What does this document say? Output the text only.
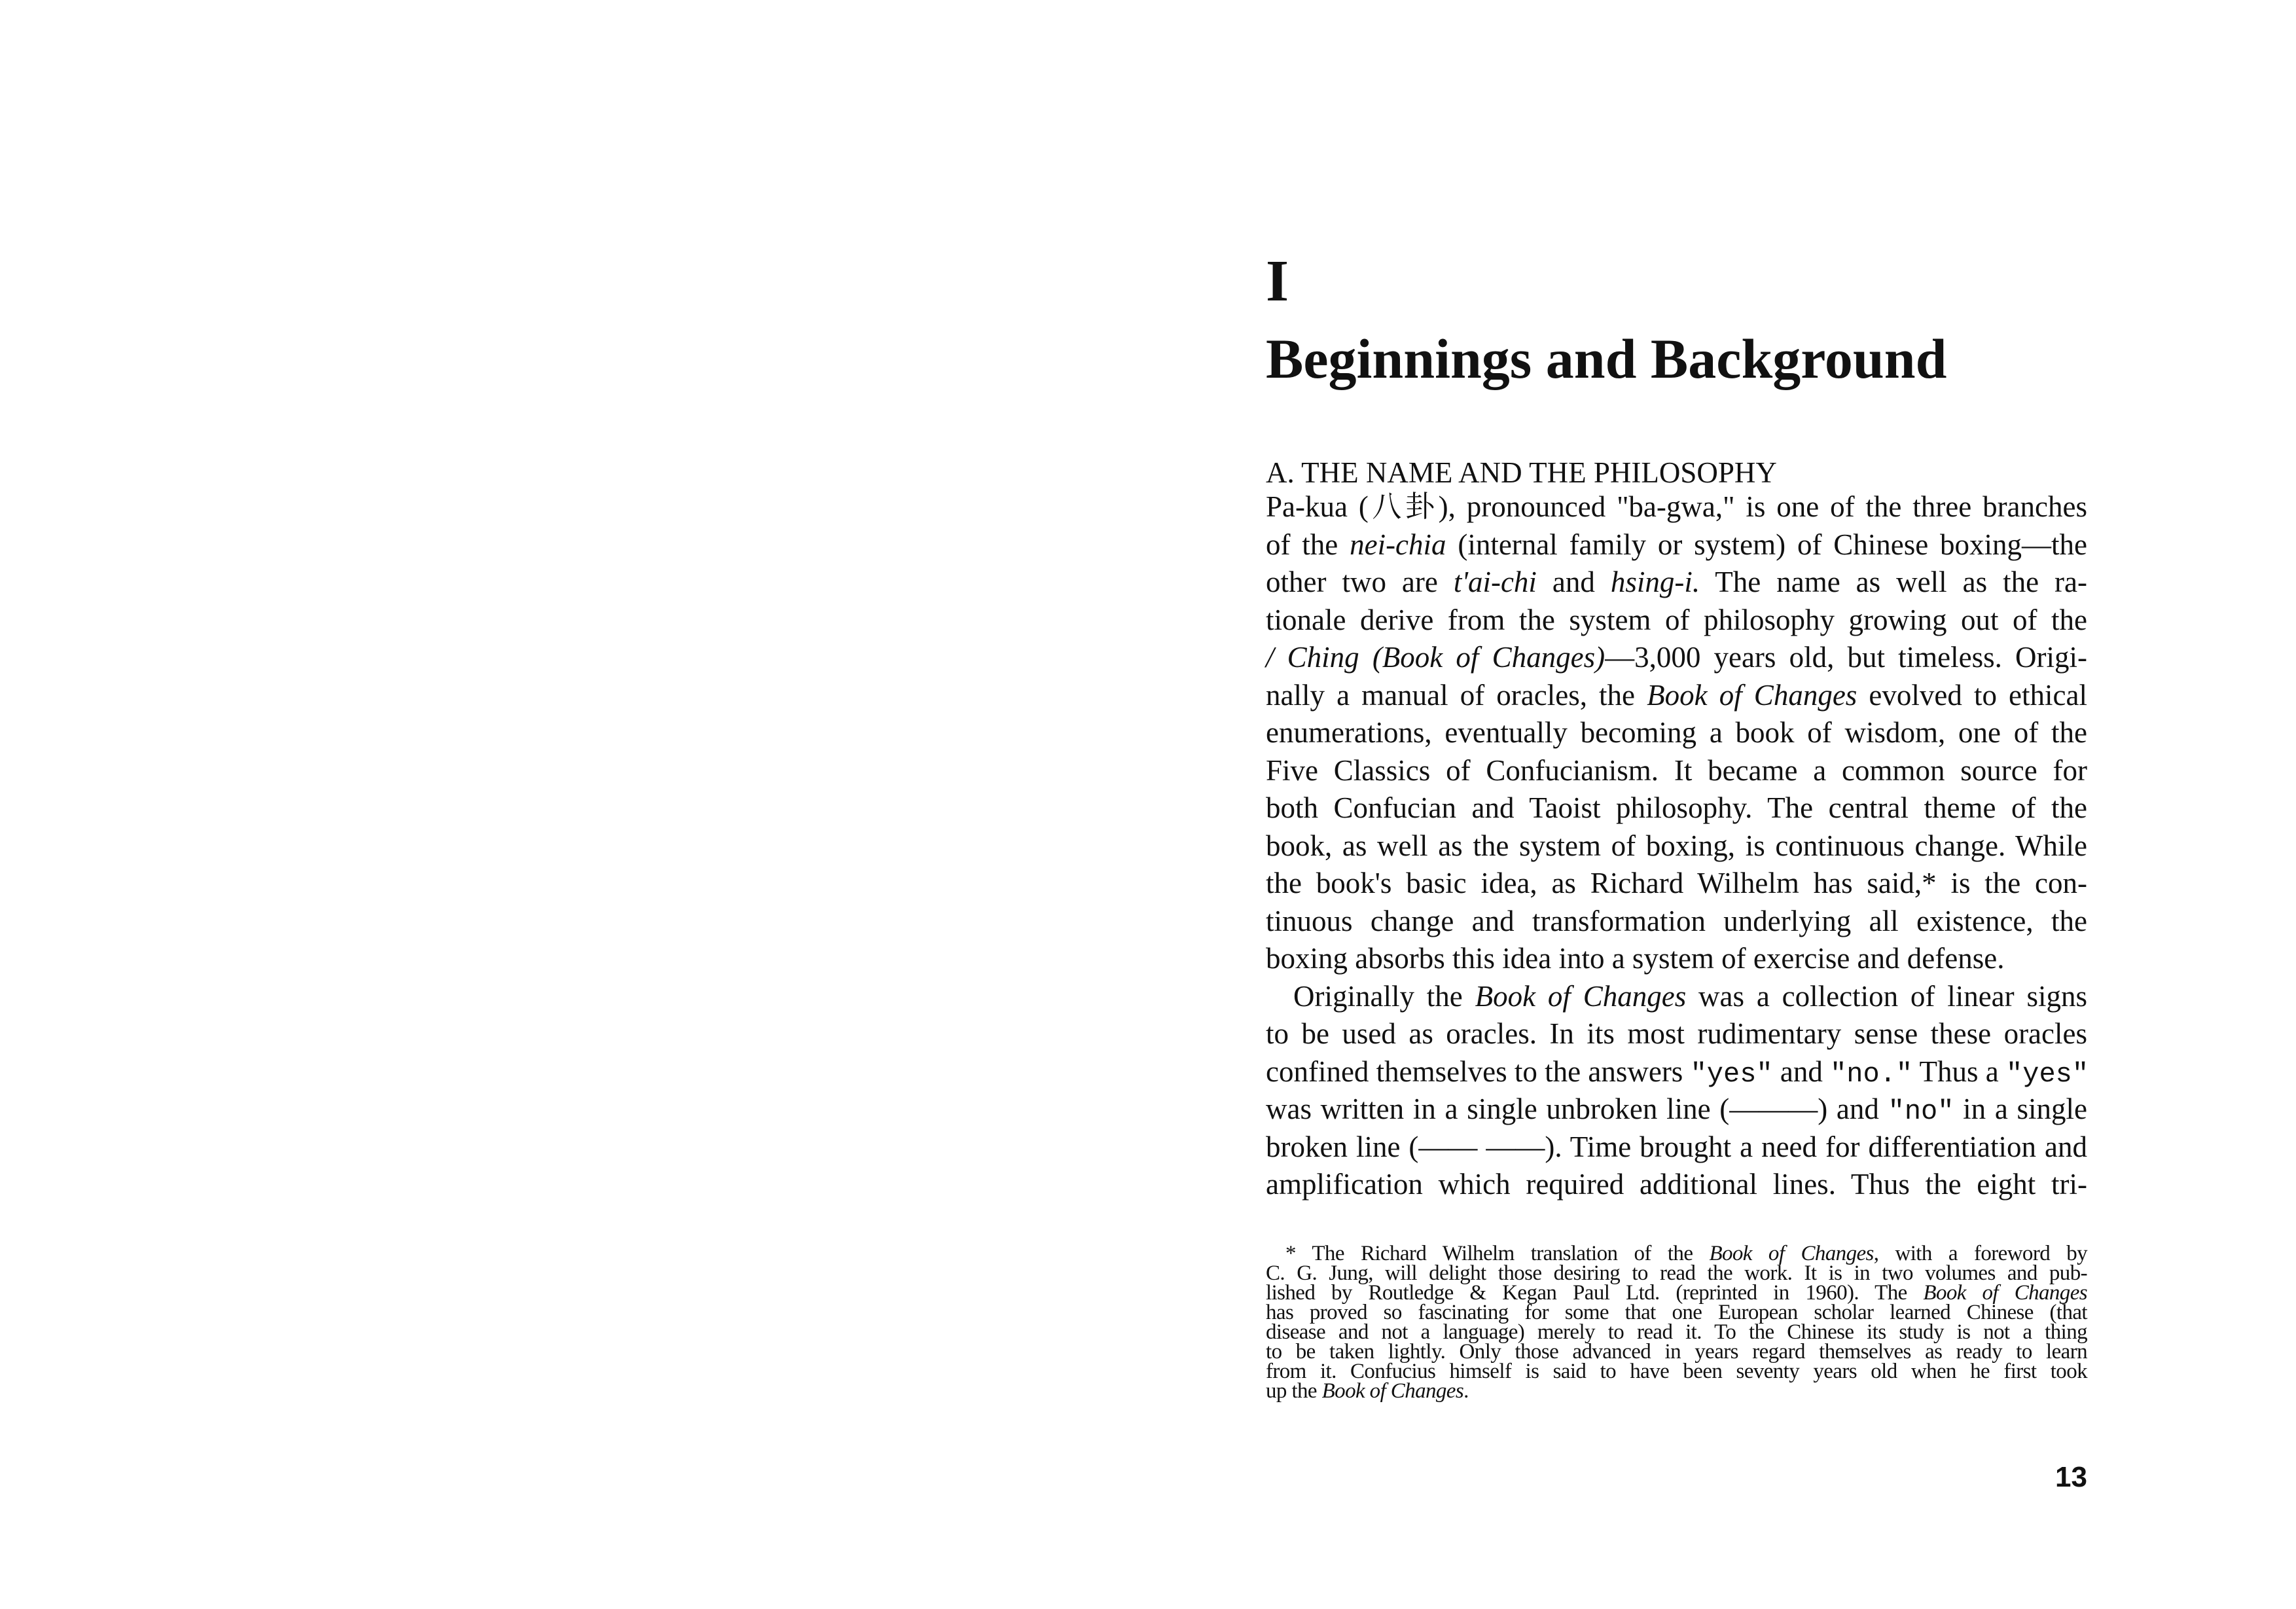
I
Beginnings and Background
A. THE NAME AND THE PHILOSOPHY
Pa-kua (八卦), pronounced "ba-gwa," is one of the three branches
of the nei-chia (internal family or system) of Chinese boxing—the
other two are t'ai-chi and hsing-i. The name as well as the ra-
tionale derive from the system of philosophy growing out of the
/ Ching (Book of Changes)—3,000 years old, but timeless. Origi-
nally a manual of oracles, the Book of Changes evolved to ethical
enumerations, eventually becoming a book of wisdom, one of the
Five Classics of Confucianism. It became a common source for
both Confucian and Taoist philosophy. The central theme of the
book, as well as the system of boxing, is continuous change. While
the book's basic idea, as Richard Wilhelm has said,* is the con-
tinuous change and transformation underlying all existence, the
boxing absorbs this idea into a system of exercise and defense.
Originally the Book of Changes was a collection of linear signs
to be used as oracles. In its most rudimentary sense these oracles
confined themselves to the answers "yes" and "no." Thus a "yes"
was written in a single unbroken line (———) and "no" in a single
broken line (—— ——). Time brought a need for differentiation and
amplification which required additional lines. Thus the eight tri-
* The Richard Wilhelm translation of the Book of Changes, with a foreword by
C. G. Jung, will delight those desiring to read the work. It is in two volumes and pub-
lished by Routledge & Kegan Paul Ltd. (reprinted in 1960). The Book of Changes
has proved so fascinating for some that one European scholar learned Chinese (that
disease and not a language) merely to read it. To the Chinese its study is not a thing
to be taken lightly. Only those advanced in years regard themselves as ready to learn
from it. Confucius himself is said to have been seventy years old when he first took
up the Book of Changes.
13
